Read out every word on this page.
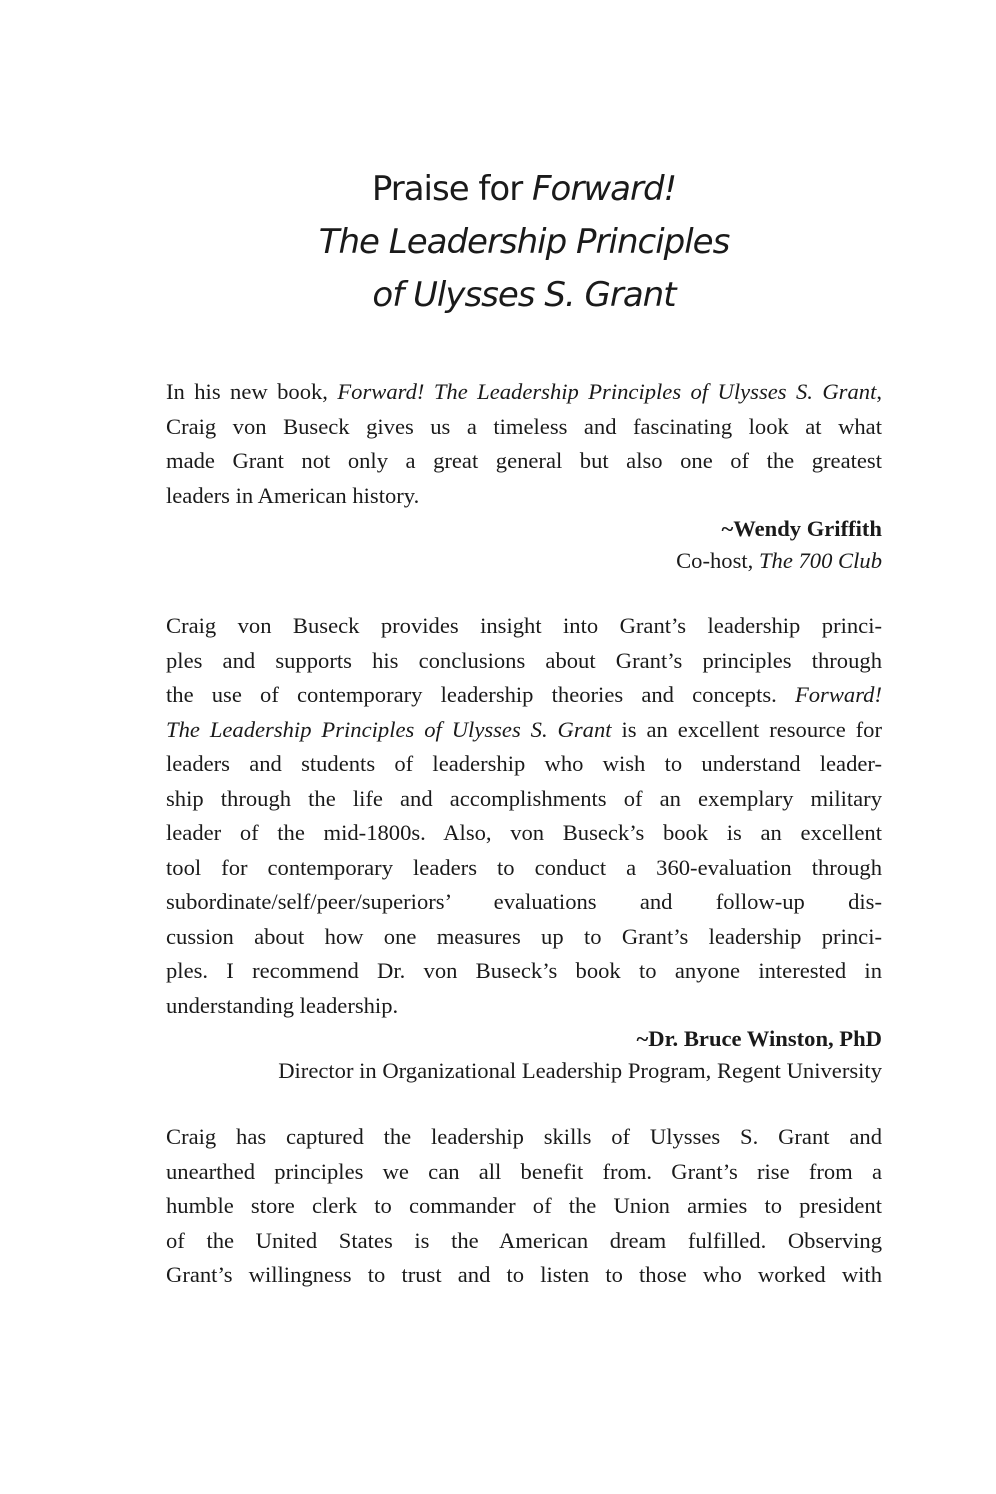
Praise for Forward!
The Leadership Principles
of Ulysses S. Grant
In his new book, Forward! The Leadership Principles of Ulysses S. Grant,
Craig von Buseck gives us a timeless and fascinating look at what
made Grant not only a great general but also one of the greatest
leaders in American history.
~Wendy Griffith
Co-host, The 700 Club
Craig von Buseck provides insight into Grant’s leadership princi-
ples and supports his conclusions about Grant’s principles through
the use of contemporary leadership theories and concepts. Forward!
The Leadership Principles of Ulysses S. Grant is an excellent resource for
leaders and students of leadership who wish to understand leader-
ship through the life and accomplishments of an exemplary military
leader of the mid-1800s. Also, von Buseck’s book is an excellent
tool for contemporary leaders to conduct a 360-evaluation through
subordinate/self/peer/superiors’ evaluations and follow-up dis-
cussion about how one measures up to Grant’s leadership princi-
ples. I recommend Dr. von Buseck’s book to anyone interested in
understanding leadership.
~Dr. Bruce Winston, PhD
Director in Organizational Leadership Program, Regent University
Craig has captured the leadership skills of Ulysses S. Grant and
unearthed principles we can all benefit from. Grant’s rise from a
humble store clerk to commander of the Union armies to president
of the United States is the American dream fulfilled. Observing
Grant’s willingness to trust and to listen to those who worked with
